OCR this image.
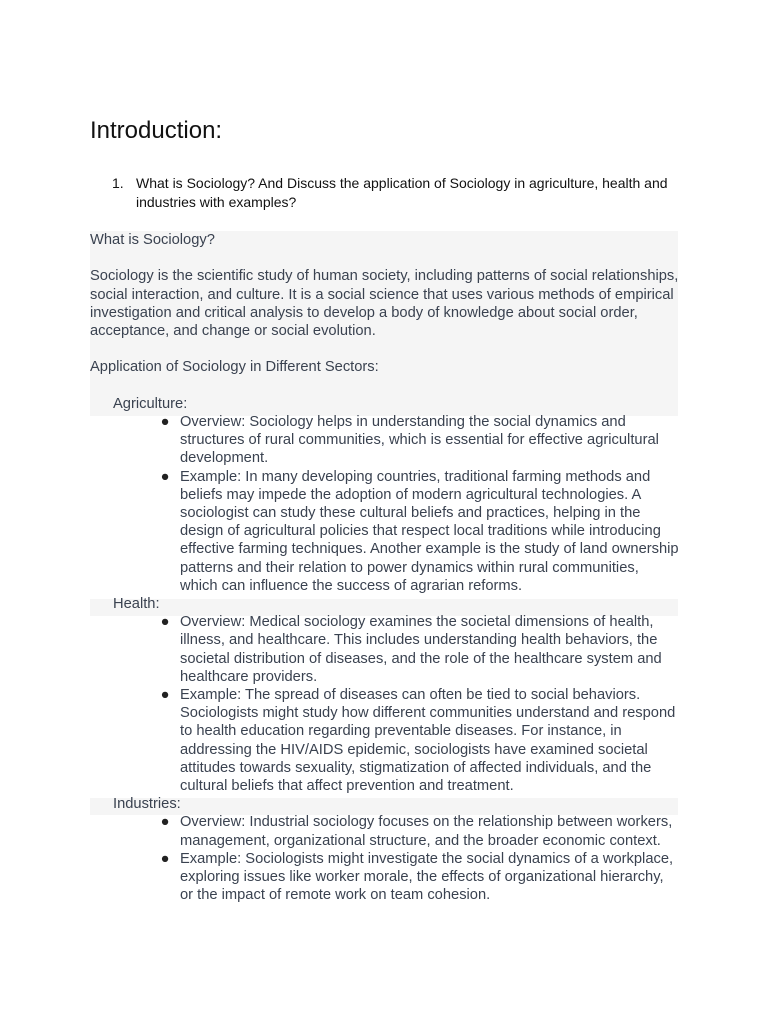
Introduction:
1. What is Sociology? And Discuss the application of Sociology in agriculture, health and industries with examples?

What is Sociology?

Sociology is the scientific study of human society, including patterns of social relationships, social interaction, and culture. It is a social science that uses various methods of empirical investigation and critical analysis to develop a body of knowledge about social order, acceptance, and change or social evolution.

Application of Sociology in Different Sectors:

Agriculture:
● Overview: Sociology helps in understanding the social dynamics and structures of rural communities, which is essential for effective agricultural development.
● Example: In many developing countries, traditional farming methods and beliefs may impede the adoption of modern agricultural technologies. A sociologist can study these cultural beliefs and practices, helping in the design of agricultural policies that respect local traditions while introducing effective farming techniques. Another example is the study of land ownership patterns and their relation to power dynamics within rural communities, which can influence the success of agrarian reforms.
Health:
● Overview: Medical sociology examines the societal dimensions of health, illness, and healthcare. This includes understanding health behaviors, the societal distribution of diseases, and the role of the healthcare system and healthcare providers.
● Example: The spread of diseases can often be tied to social behaviors. Sociologists might study how different communities understand and respond to health education regarding preventable diseases. For instance, in addressing the HIV/AIDS epidemic, sociologists have examined societal attitudes towards sexuality, stigmatization of affected individuals, and the cultural beliefs that affect prevention and treatment.
Industries:
● Overview: Industrial sociology focuses on the relationship between workers, management, organizational structure, and the broader economic context.
● Example: Sociologists might investigate the social dynamics of a workplace, exploring issues like worker morale, the effects of organizational hierarchy, or the impact of remote work on team cohesion.
